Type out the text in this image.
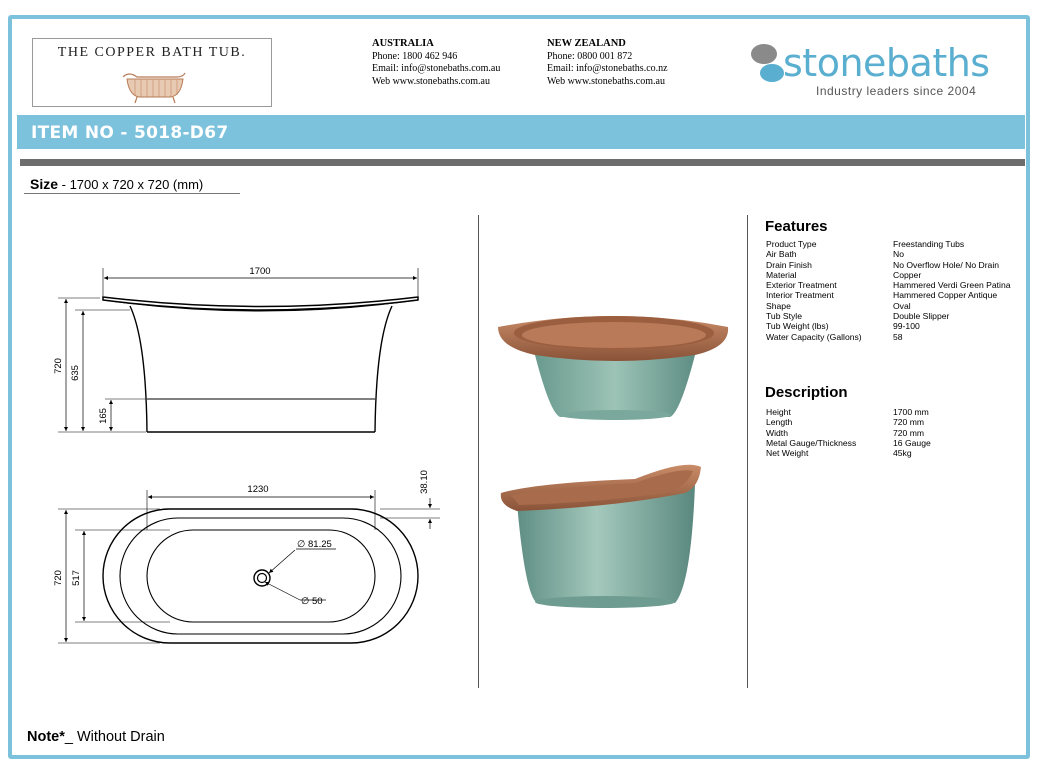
THE COPPER BATH TUB.
AUSTRALIA
Phone: 1800 462 946
Email: info@stonebaths.com.au
Web www.stonebaths.com.au
NEW ZEALAND
Phone: 0800 001 872
Email: info@stonebaths.co.nz
Web www.stonebaths.com.au	stonebaths
Industry leaders since 2004
ITEM NO - 5018-D67
Size - 1700 x 720 x 720 (mm)
1700
720 635
165
1230	38.10
720 517
∅ 81.25
∅ 50
Features
Product Type	Freestanding Tubs
Air Bath	No
Drain Finish	No Overflow Hole/ No Drain
Material	Copper
Exterior Treatment	Hammered Verdi Green Patina
Interior Treatment	Hammered Copper Antique
Shape	Oval
Tub Style	Double Slipper
Tub Weight (lbs)	99-100
Water Capacity (Gallons)	58
Description
Height	1700 mm
Length	720 mm
Width	720 mm
Metal Gauge/Thickness	16 Gauge
Net Weight	45kg
Note*_ Without Drain
